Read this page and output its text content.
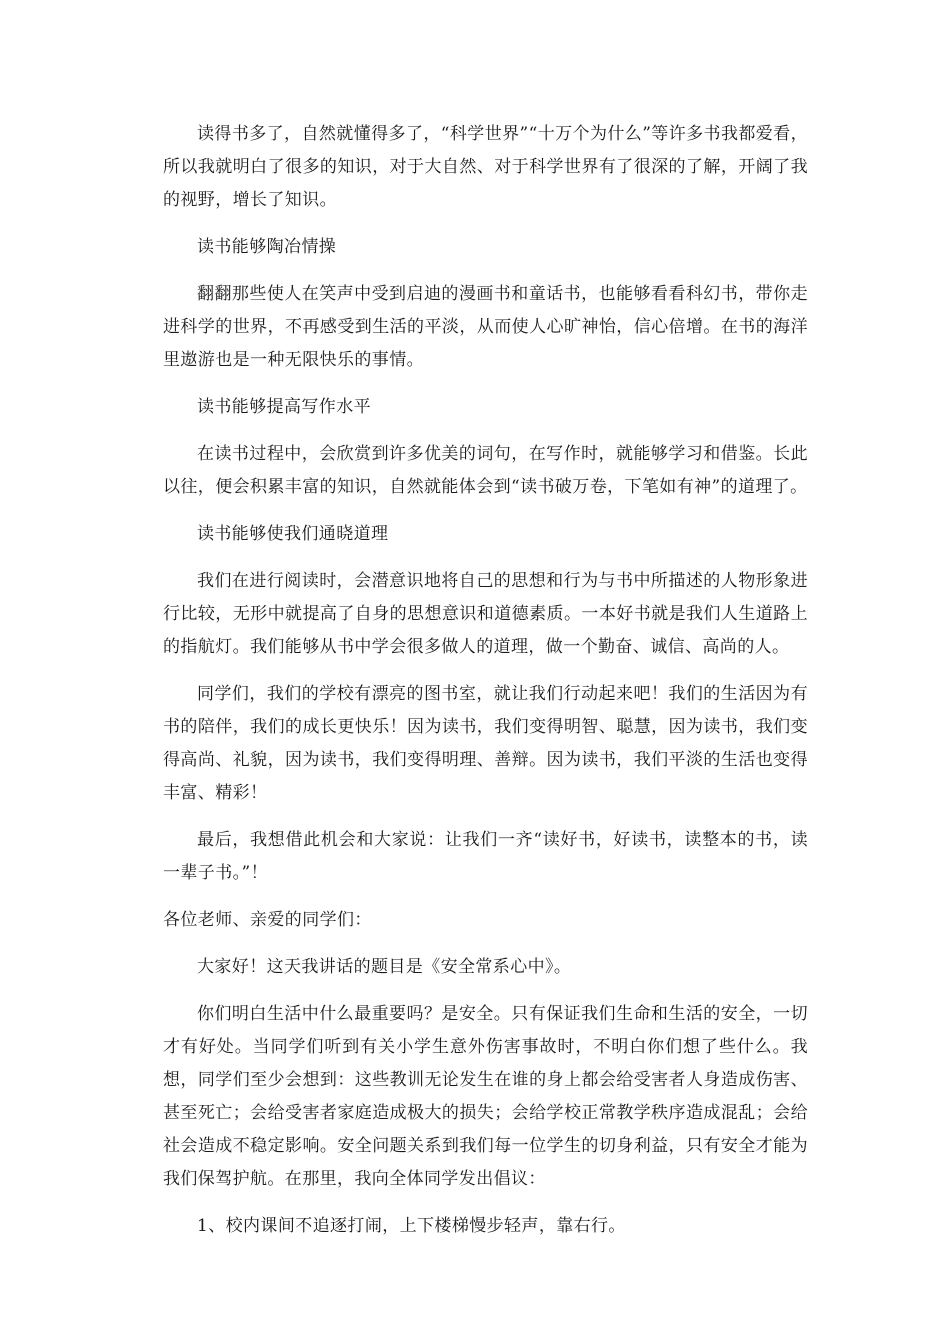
读得书多了，自然就懂得多了，“科学世界”“十万个为什么”等许多书我都爱看，所以我就明白了很多的知识，对于大自然、对于科学世界有了很深的了解，开阔了我的视野，增长了知识。

读书能够陶冶情操

翻翻那些使人在笑声中受到启迪的漫画书和童话书，也能够看看科幻书，带你走进科学的世界，不再感受到生活的平淡，从而使人心旷神怡，信心倍增。在书的海洋里遨游也是一种无限快乐的事情。

读书能够提高写作水平

在读书过程中，会欣赏到许多优美的词句，在写作时，就能够学习和借鉴。长此以往，便会积累丰富的知识，自然就能体会到“读书破万卷，下笔如有神”的道理了。

读书能够使我们通晓道理

我们在进行阅读时，会潜意识地将自己的思想和行为与书中所描述的人物形象进行比较，无形中就提高了自身的思想意识和道德素质。一本好书就是我们人生道路上的指航灯。我们能够从书中学会很多做人的道理，做一个勤奋、诚信、高尚的人。

同学们，我们的学校有漂亮的图书室，就让我们行动起来吧！我们的生活因为有书的陪伴，我们的成长更快乐！因为读书，我们变得明智、聪慧，因为读书，我们变得高尚、礼貌，因为读书，我们变得明理、善辩。因为读书，我们平淡的生活也变得丰富、精彩！

最后，我想借此机会和大家说：让我们一齐“读好书，好读书，读整本的书，读一辈子书。”！

各位老师、亲爱的同学们：

大家好！这天我讲话的题目是《安全常系心中》。

你们明白生活中什么最重要吗？是安全。只有保证我们生命和生活的安全，一切才有好处。当同学们听到有关小学生意外伤害事故时，不明白你们想了些什么。我想，同学们至少会想到：这些教训无论发生在谁的身上都会给受害者人身造成伤害、甚至死亡；会给受害者家庭造成极大的损失；会给学校正常教学秩序造成混乱；会给社会造成不稳定影响。安全问题关系到我们每一位学生的切身利益，只有安全才能为我们保驾护航。在那里，我向全体同学发出倡议：

1、校内课间不追逐打闹，上下楼梯慢步轻声，靠右行。
